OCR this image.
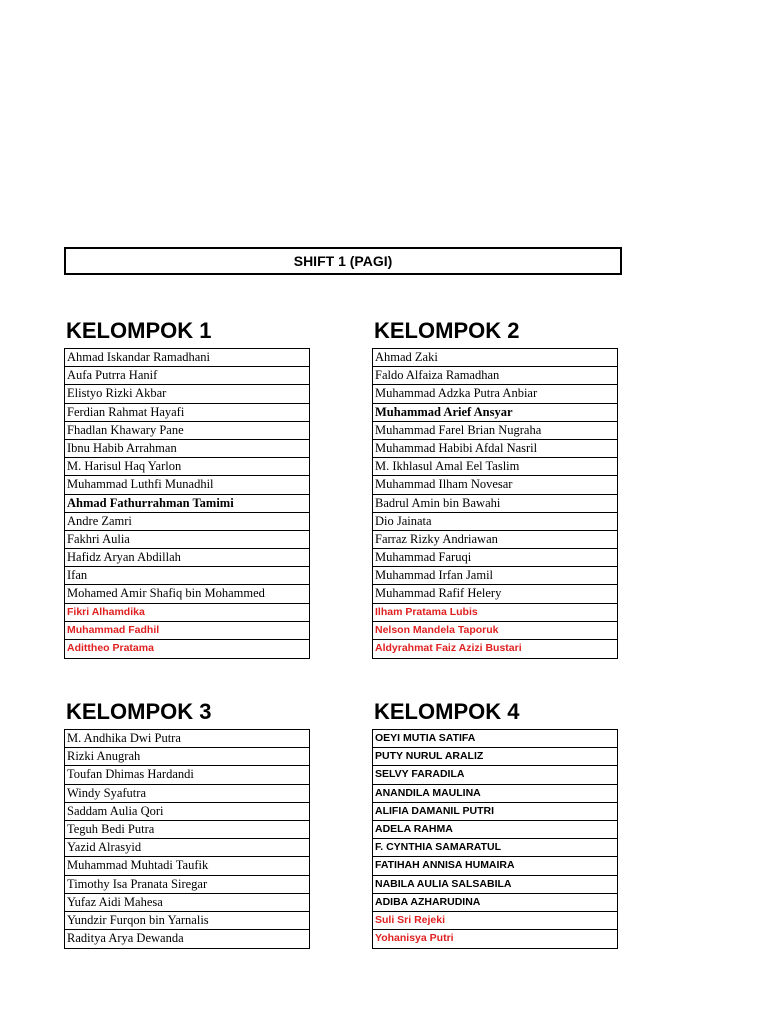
SHIFT 1 (PAGI)
KELOMPOK 1
Ahmad Iskandar Ramadhani
Aufa Putrra Hanif
Elistyo Rizki Akbar
Ferdian Rahmat Hayafi
Fhadlan Khawary Pane
Ibnu Habib Arrahman
M. Harisul Haq Yarlon
Muhammad Luthfi Munadhil
Ahmad Fathurrahman Tamimi
Andre Zamri
Fakhri Aulia
Hafidz Aryan Abdillah
Ifan
Mohamed Amir Shafiq bin Mohammed
Fikri Alhamdika
Muhammad Fadhil
Adittheo Pratama
KELOMPOK 2
Ahmad Zaki
Faldo Alfaiza Ramadhan
Muhammad Adzka Putra Anbiar
Muhammad Arief Ansyar
Muhammad Farel Brian Nugraha
Muhammad Habibi Afdal Nasril
M. Ikhlasul Amal Eel Taslim
Muhammad Ilham Novesar
Badrul Amin bin Bawahi
Dio Jainata
Farraz Rizky Andriawan
Muhammad Faruqi
Muhammad Irfan Jamil
Muhammad Rafif Helery
Ilham Pratama Lubis
Nelson Mandela Taporuk
Aldyrahmat Faiz Azizi Bustari
KELOMPOK 3
M. Andhika Dwi Putra
Rizki Anugrah
Toufan Dhimas Hardandi
Windy Syafutra
Saddam Aulia Qori
Teguh Bedi Putra
Yazid Alrasyid
Muhammad Muhtadi Taufik
Timothy Isa Pranata Siregar
Yufaz Aidi Mahesa
Yundzir Furqon bin Yarnalis
Raditya Arya Dewanda
KELOMPOK 4
OEYI MUTIA SATIFA
PUTY NURUL ARALIZ
SELVY FARADILA
ANANDILA MAULINA
ALIFIA DAMANIL PUTRI
ADELA RAHMA
F. CYNTHIA SAMARATUL
FATIHAH ANNISA HUMAIRA
NABILA AULIA SALSABILA
ADIBA AZHARUDINA
Suli Sri Rejeki
Yohanisya Putri
